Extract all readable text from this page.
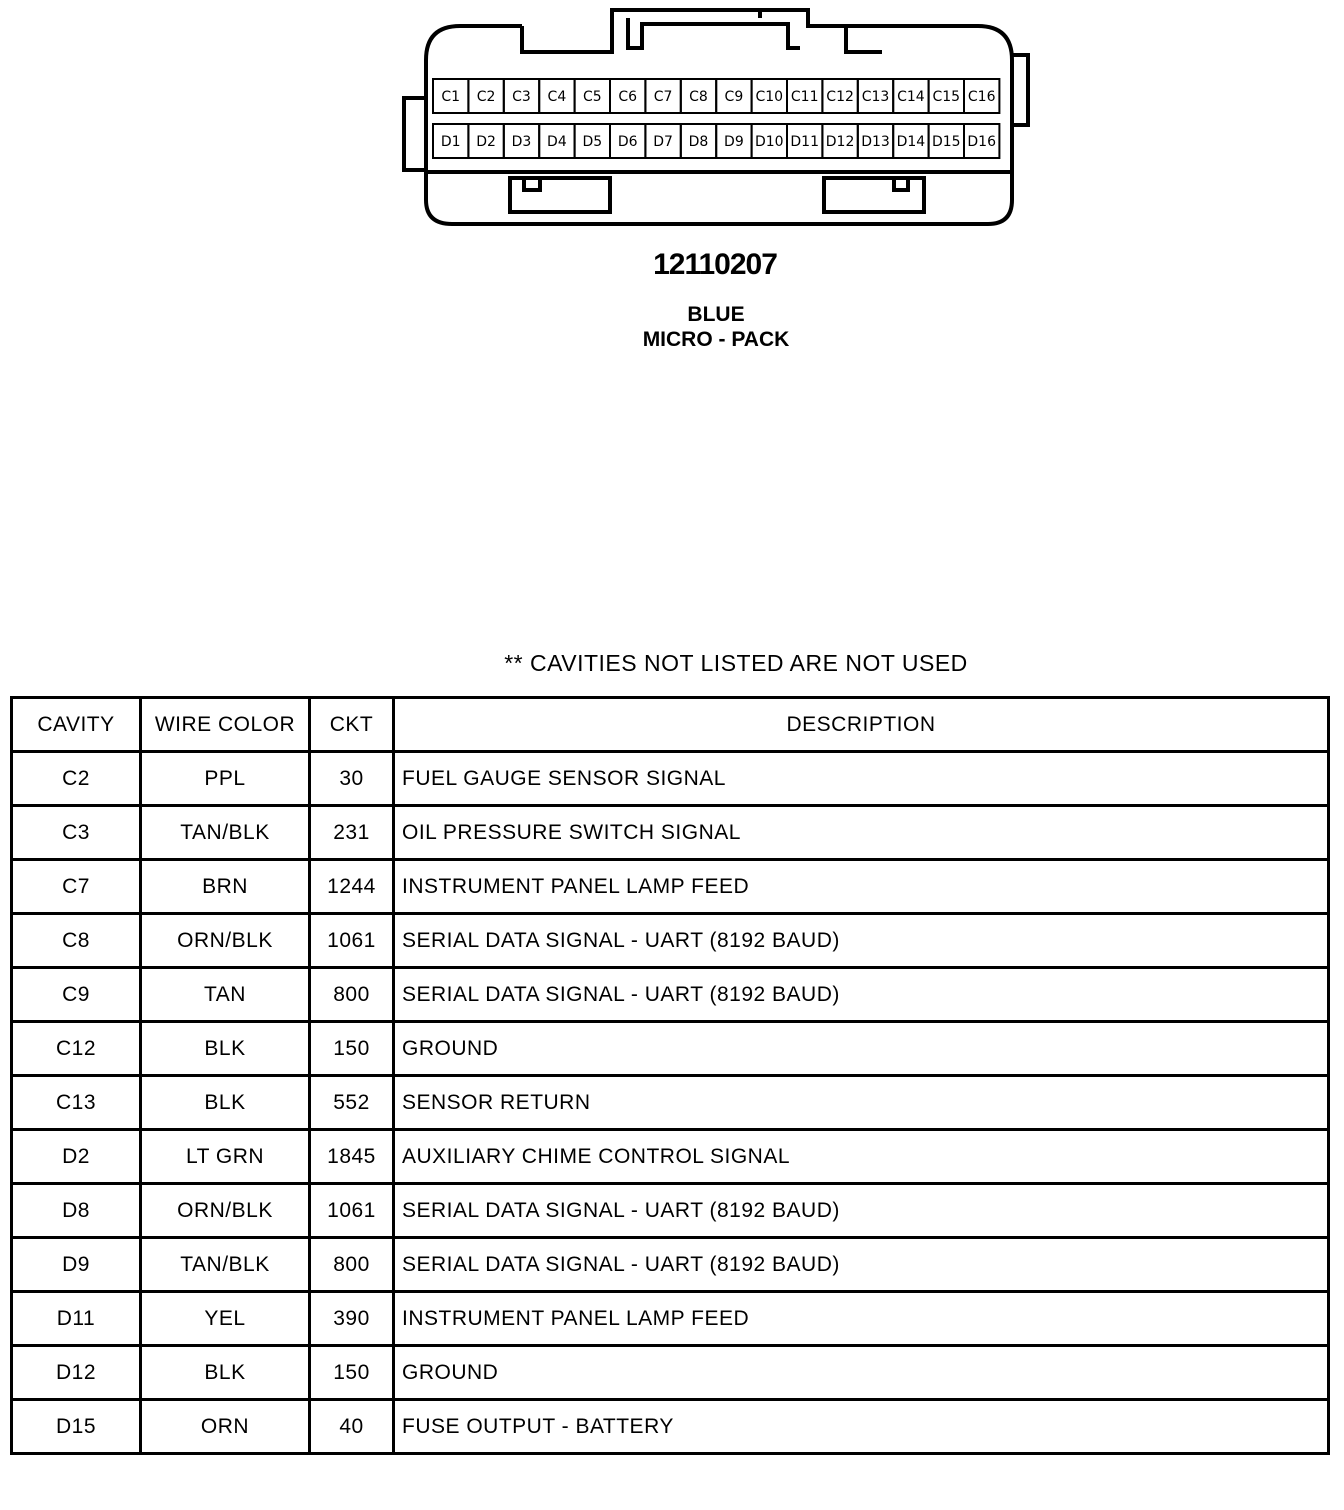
C1 C2 C3 C4 C5 C6 C7 C8 C9 C10 C11 C12 C13 C14 C15 C16
D1 D2 D3 D4 D5 D6 D7 D8 D9 D10 D11 D12 D13 D14 D15 D16
12110207
BLUE
MICRO - PACK
** CAVITIES NOT LISTED ARE NOT USED
CAVITY	WIRE COLOR	CKT	DESCRIPTION
C2	PPL	30	FUEL GAUGE SENSOR SIGNAL
C3	TAN/BLK	231	OIL PRESSURE SWITCH SIGNAL
C7	BRN	1244	INSTRUMENT PANEL LAMP FEED
C8	ORN/BLK	1061	SERIAL DATA SIGNAL - UART (8192 BAUD)
C9	TAN	800	SERIAL DATA SIGNAL - UART (8192 BAUD)
C12	BLK	150	GROUND
C13	BLK	552	SENSOR RETURN
D2	LT GRN	1845	AUXILIARY CHIME CONTROL SIGNAL
D8	ORN/BLK	1061	SERIAL DATA SIGNAL - UART (8192 BAUD)
D9	TAN/BLK	800	SERIAL DATA SIGNAL - UART (8192 BAUD)
D11	YEL	390	INSTRUMENT PANEL LAMP FEED
D12	BLK	150	GROUND
D15	ORN	40	FUSE OUTPUT - BATTERY
